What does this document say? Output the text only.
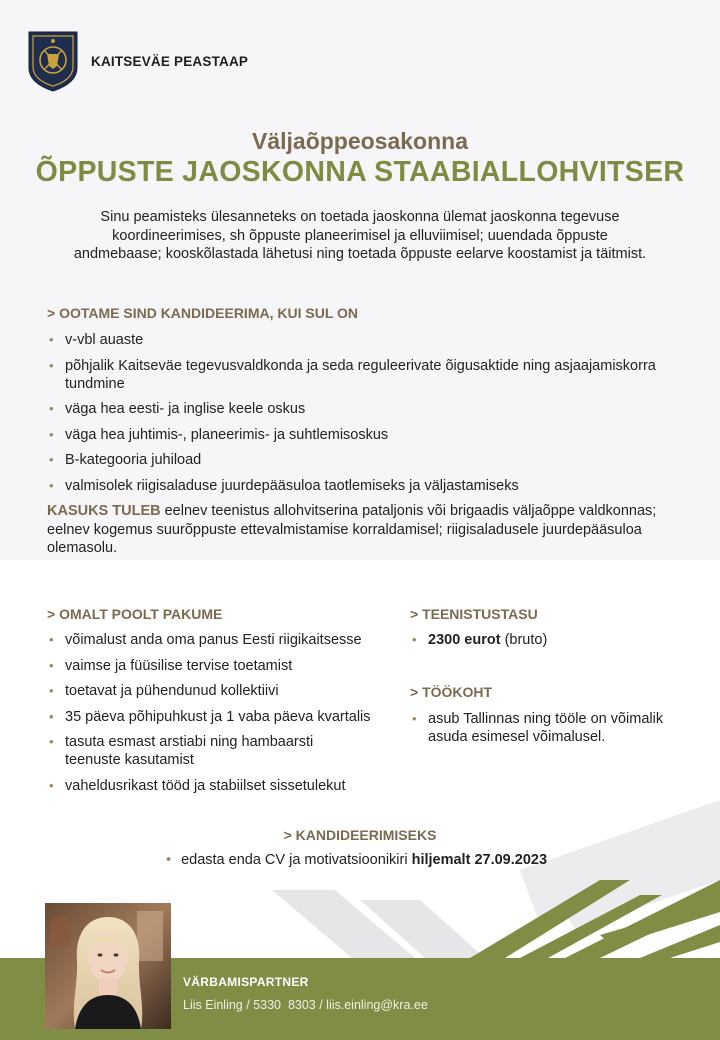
KAITSEVÄE PEASTAAP
Väljaõppeosakonna
ÕPPUSTE JAOSKONNA STAABIALLOHVITSER
Sinu peamisteks ülesanneteks on toetada jaoskonna ülemat jaoskonna tegevuse koordineerimises, sh õppuste planeerimisel ja elluviimisel; uuendada õppuste andmebaase; kooskõlastada lähetusi ning toetada õppuste eelarve koostamist ja täitmist.
> OOTAME SIND KANDIDEERIMA, KUI SUL ON
• v-vbl auaste
• põhjalik Kaitseväe tegevusvaldkonda ja seda reguleerivate õigusaktide ning asjaajamiskorra tundmine
• väga hea eesti- ja inglise keele oskus
• väga hea juhtimis-, planeerimis- ja suhtlemisoskus
• B-kategooria juhiload
• valmisolek riigisaladuse juurdepääsuloa taotlemiseks ja väljastamiseks
KASUKS TULEB eelnev teenistus allohvitserina pataljonis või brigaadis väljaõppe valdkonnas; eelnev kogemus suurõppuste ettevalmistamise korraldamisel; riigisaladusele juurdepääsuloa olemasolu.
> OMALT POOLT PAKUME
• võimalust anda oma panus Eesti riigikaitsesse
• vaimse ja füüsilise tervise toetamist
• toetavat ja pühendunud kollektiivi
• 35 päeva põhipuhkust ja 1 vaba päeva kvartalis
• tasuta esmast arstiabi ning hambaarsti teenuste kasutamist
• vaheldusrikast tööd ja stabiilset sissetulekut
> TEENISTUSTASU
• 2300 eurot (bruto)
> TÖÖKOHT
• asub Tallinnas ning tööle on võimalik asuda esimesel võimalusel.
> KANDIDEERIMISEKS
• edasta enda CV ja motivatsioonikiri hiljemalt 27.09.2023
VÄRBAMISPARTNER
Liis Einling / 5330  8303 / liis.einling@kra.ee
